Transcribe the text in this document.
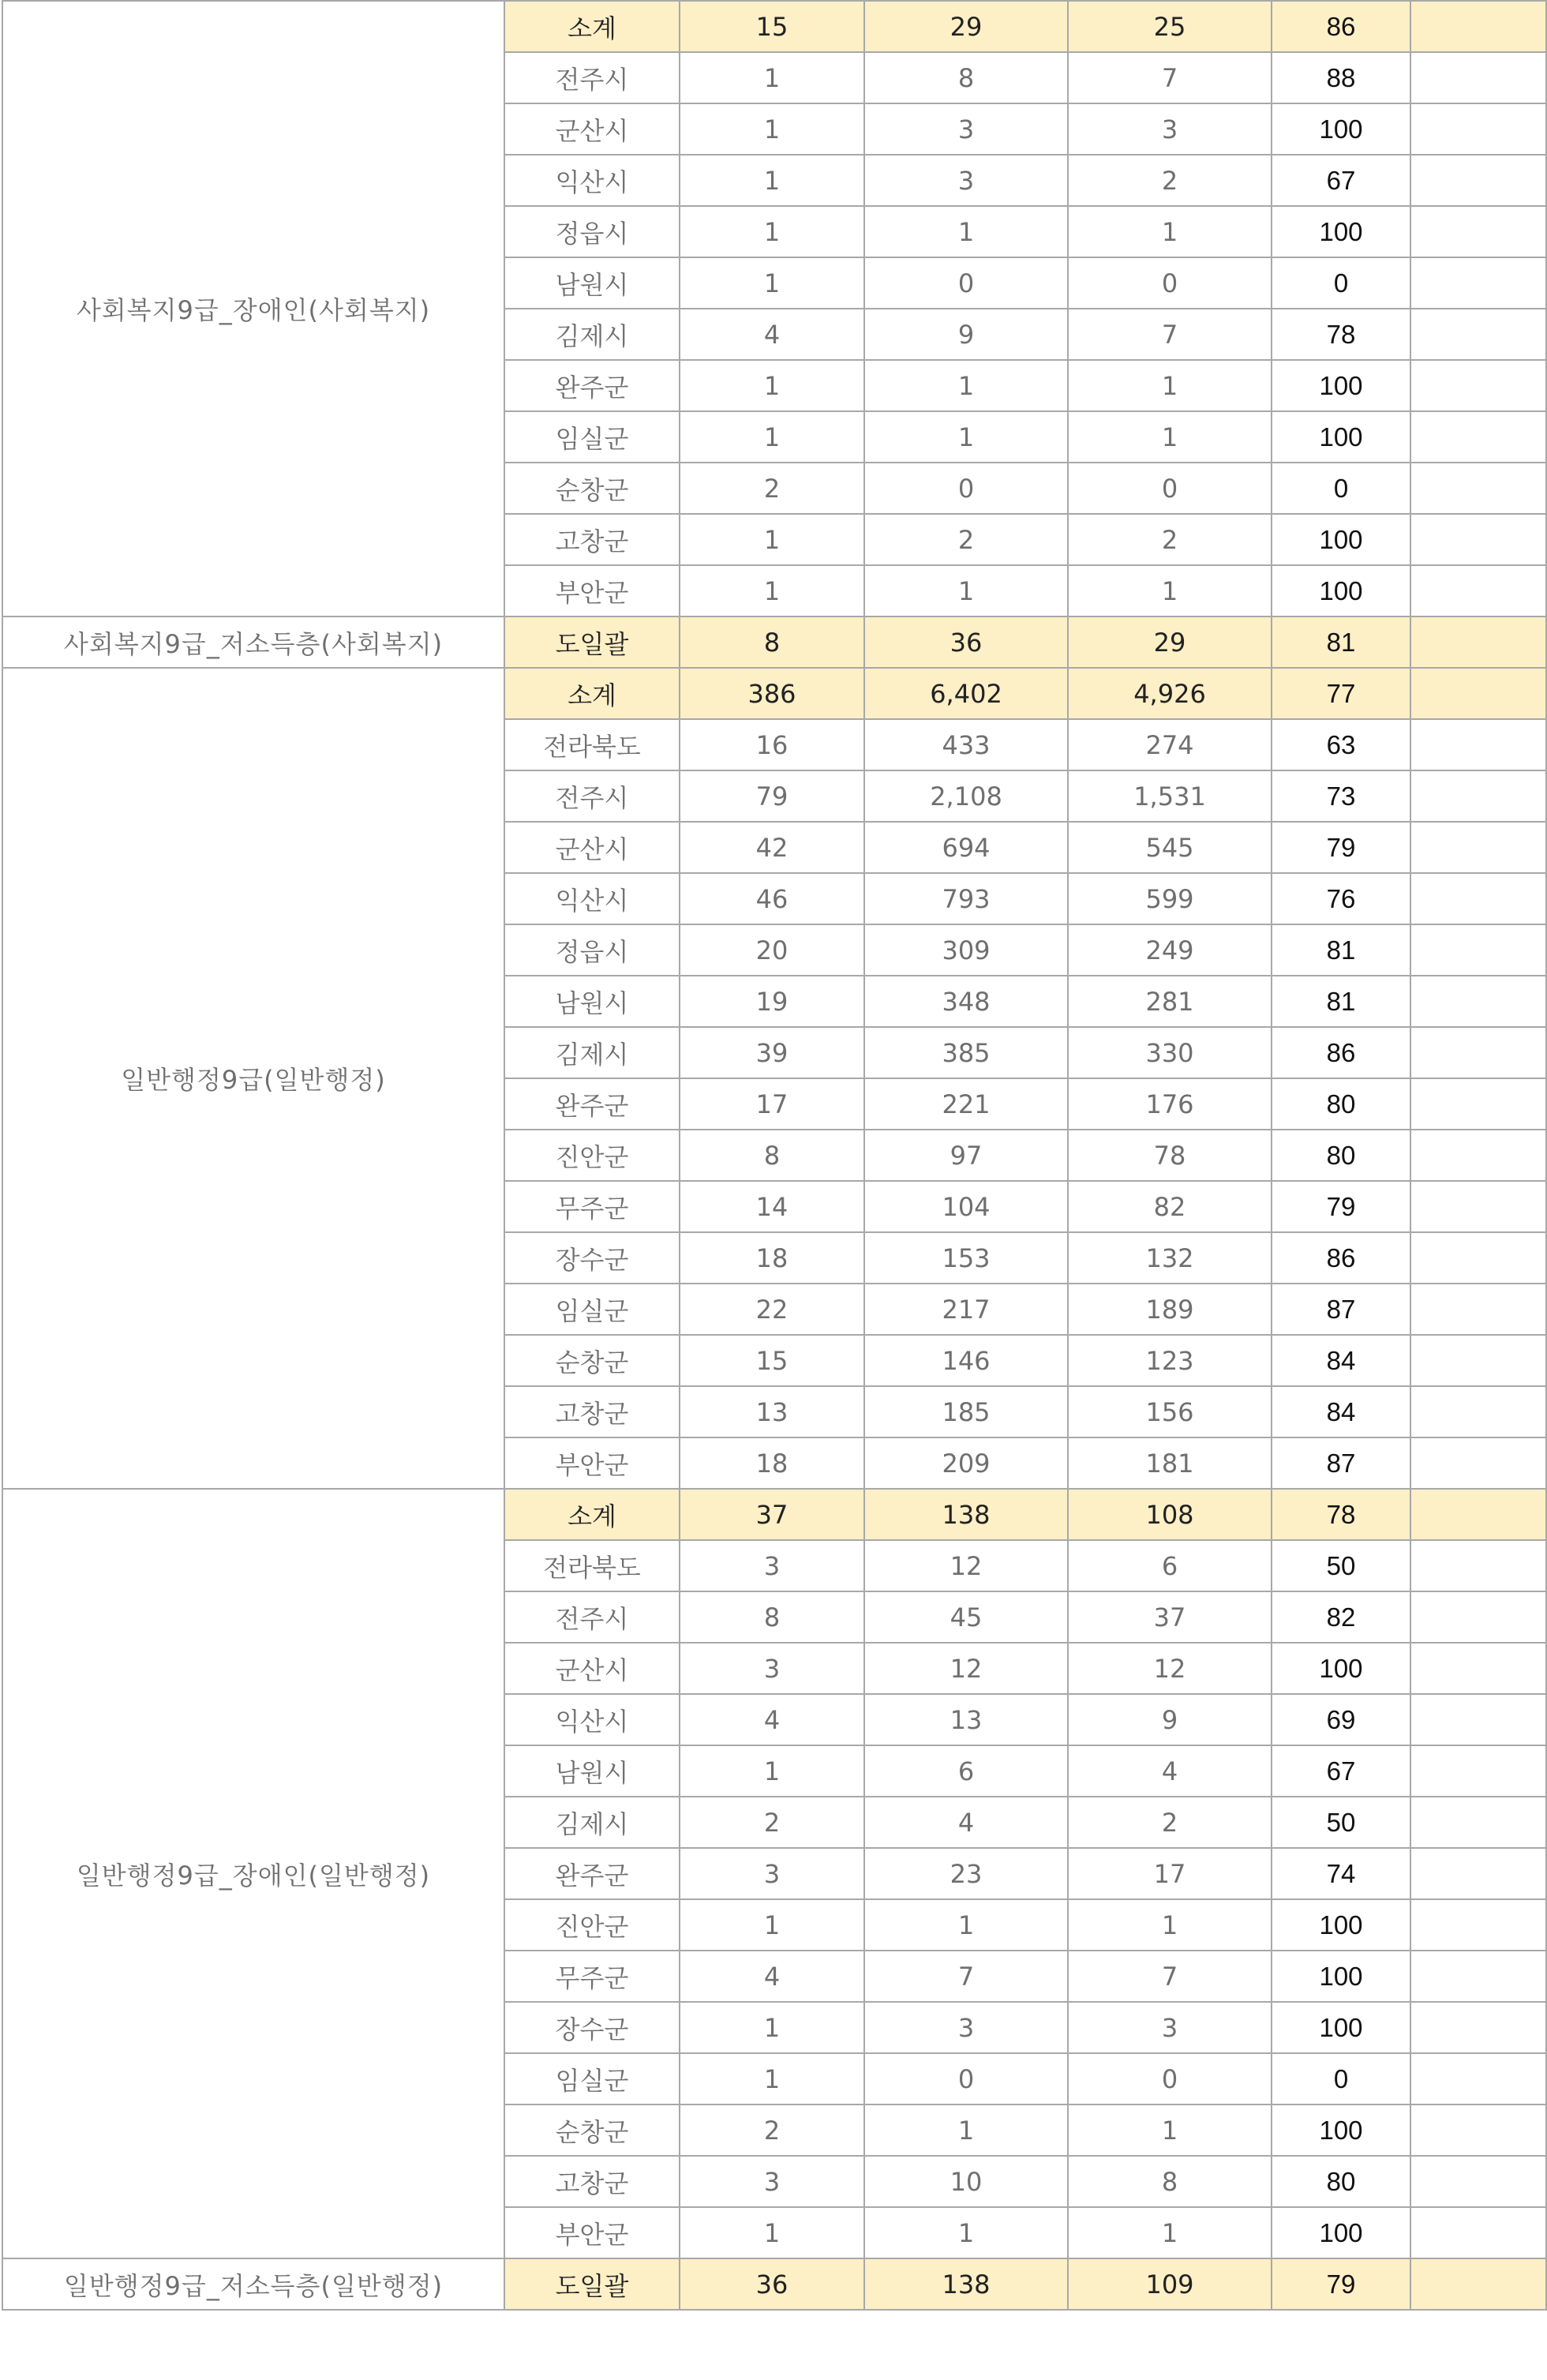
사회복지9급_장애인(사회복지)	소계	15	29	25	86	
	전주시	1	8	7	88	
	군산시	1	3	3	100	
	익산시	1	3	2	67	
	정읍시	1	1	1	100	
	남원시	1	0	0	0	
	김제시	4	9	7	78	
	완주군	1	1	1	100	
	임실군	1	1	1	100	
	순창군	2	0	0	0	
	고창군	1	2	2	100	
	부안군	1	1	1	100	
사회복지9급_저소득층(사회복지)	도일괄	8	36	29	81	
일반행정9급(일반행정)	소계	386	6,402	4,926	77	
	전라북도	16	433	274	63	
	전주시	79	2,108	1,531	73	
	군산시	42	694	545	79	
	익산시	46	793	599	76	
	정읍시	20	309	249	81	
	남원시	19	348	281	81	
	김제시	39	385	330	86	
	완주군	17	221	176	80	
	진안군	8	97	78	80	
	무주군	14	104	82	79	
	장수군	18	153	132	86	
	임실군	22	217	189	87	
	순창군	15	146	123	84	
	고창군	13	185	156	84	
	부안군	18	209	181	87	
일반행정9급_장애인(일반행정)	소계	37	138	108	78	
	전라북도	3	12	6	50	
	전주시	8	45	37	82	
	군산시	3	12	12	100	
	익산시	4	13	9	69	
	남원시	1	6	4	67	
	김제시	2	4	2	50	
	완주군	3	23	17	74	
	진안군	1	1	1	100	
	무주군	4	7	7	100	
	장수군	1	3	3	100	
	임실군	1	0	0	0	
	순창군	2	1	1	100	
	고창군	3	10	8	80	
	부안군	1	1	1	100	
일반행정9급_저소득층(일반행정)	도일괄	36	138	109	79	
